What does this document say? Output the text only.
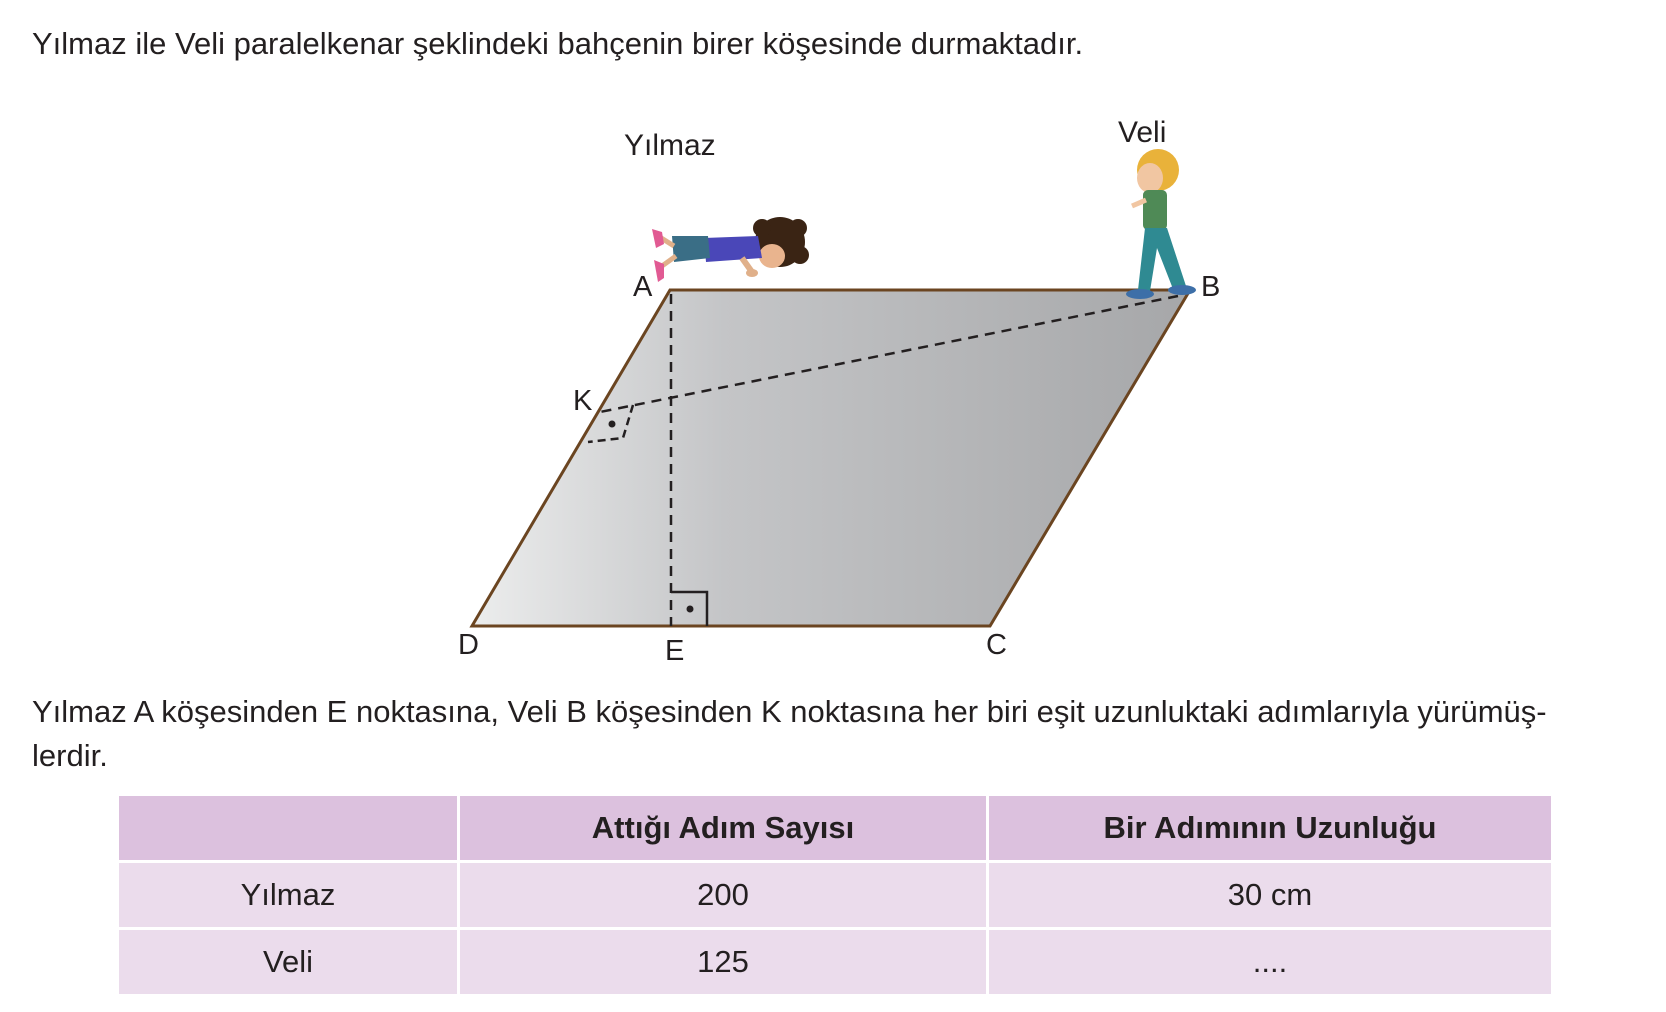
Yılmaz ile Veli paralelkenar şeklindeki bahçenin birer köşesinde durmaktadır.

A	B
C
D	E
K
Yılmaz	Veli

Yılmaz A köşesinden E noktasına, Veli B köşesinden K noktasına her biri eşit uzunluktaki adımlarıyla yürümüş-
lerdir.

	Attığı Adım Sayısı	Bir Adımının Uzunluğu
Yılmaz	200	30 cm
Veli	125	....
